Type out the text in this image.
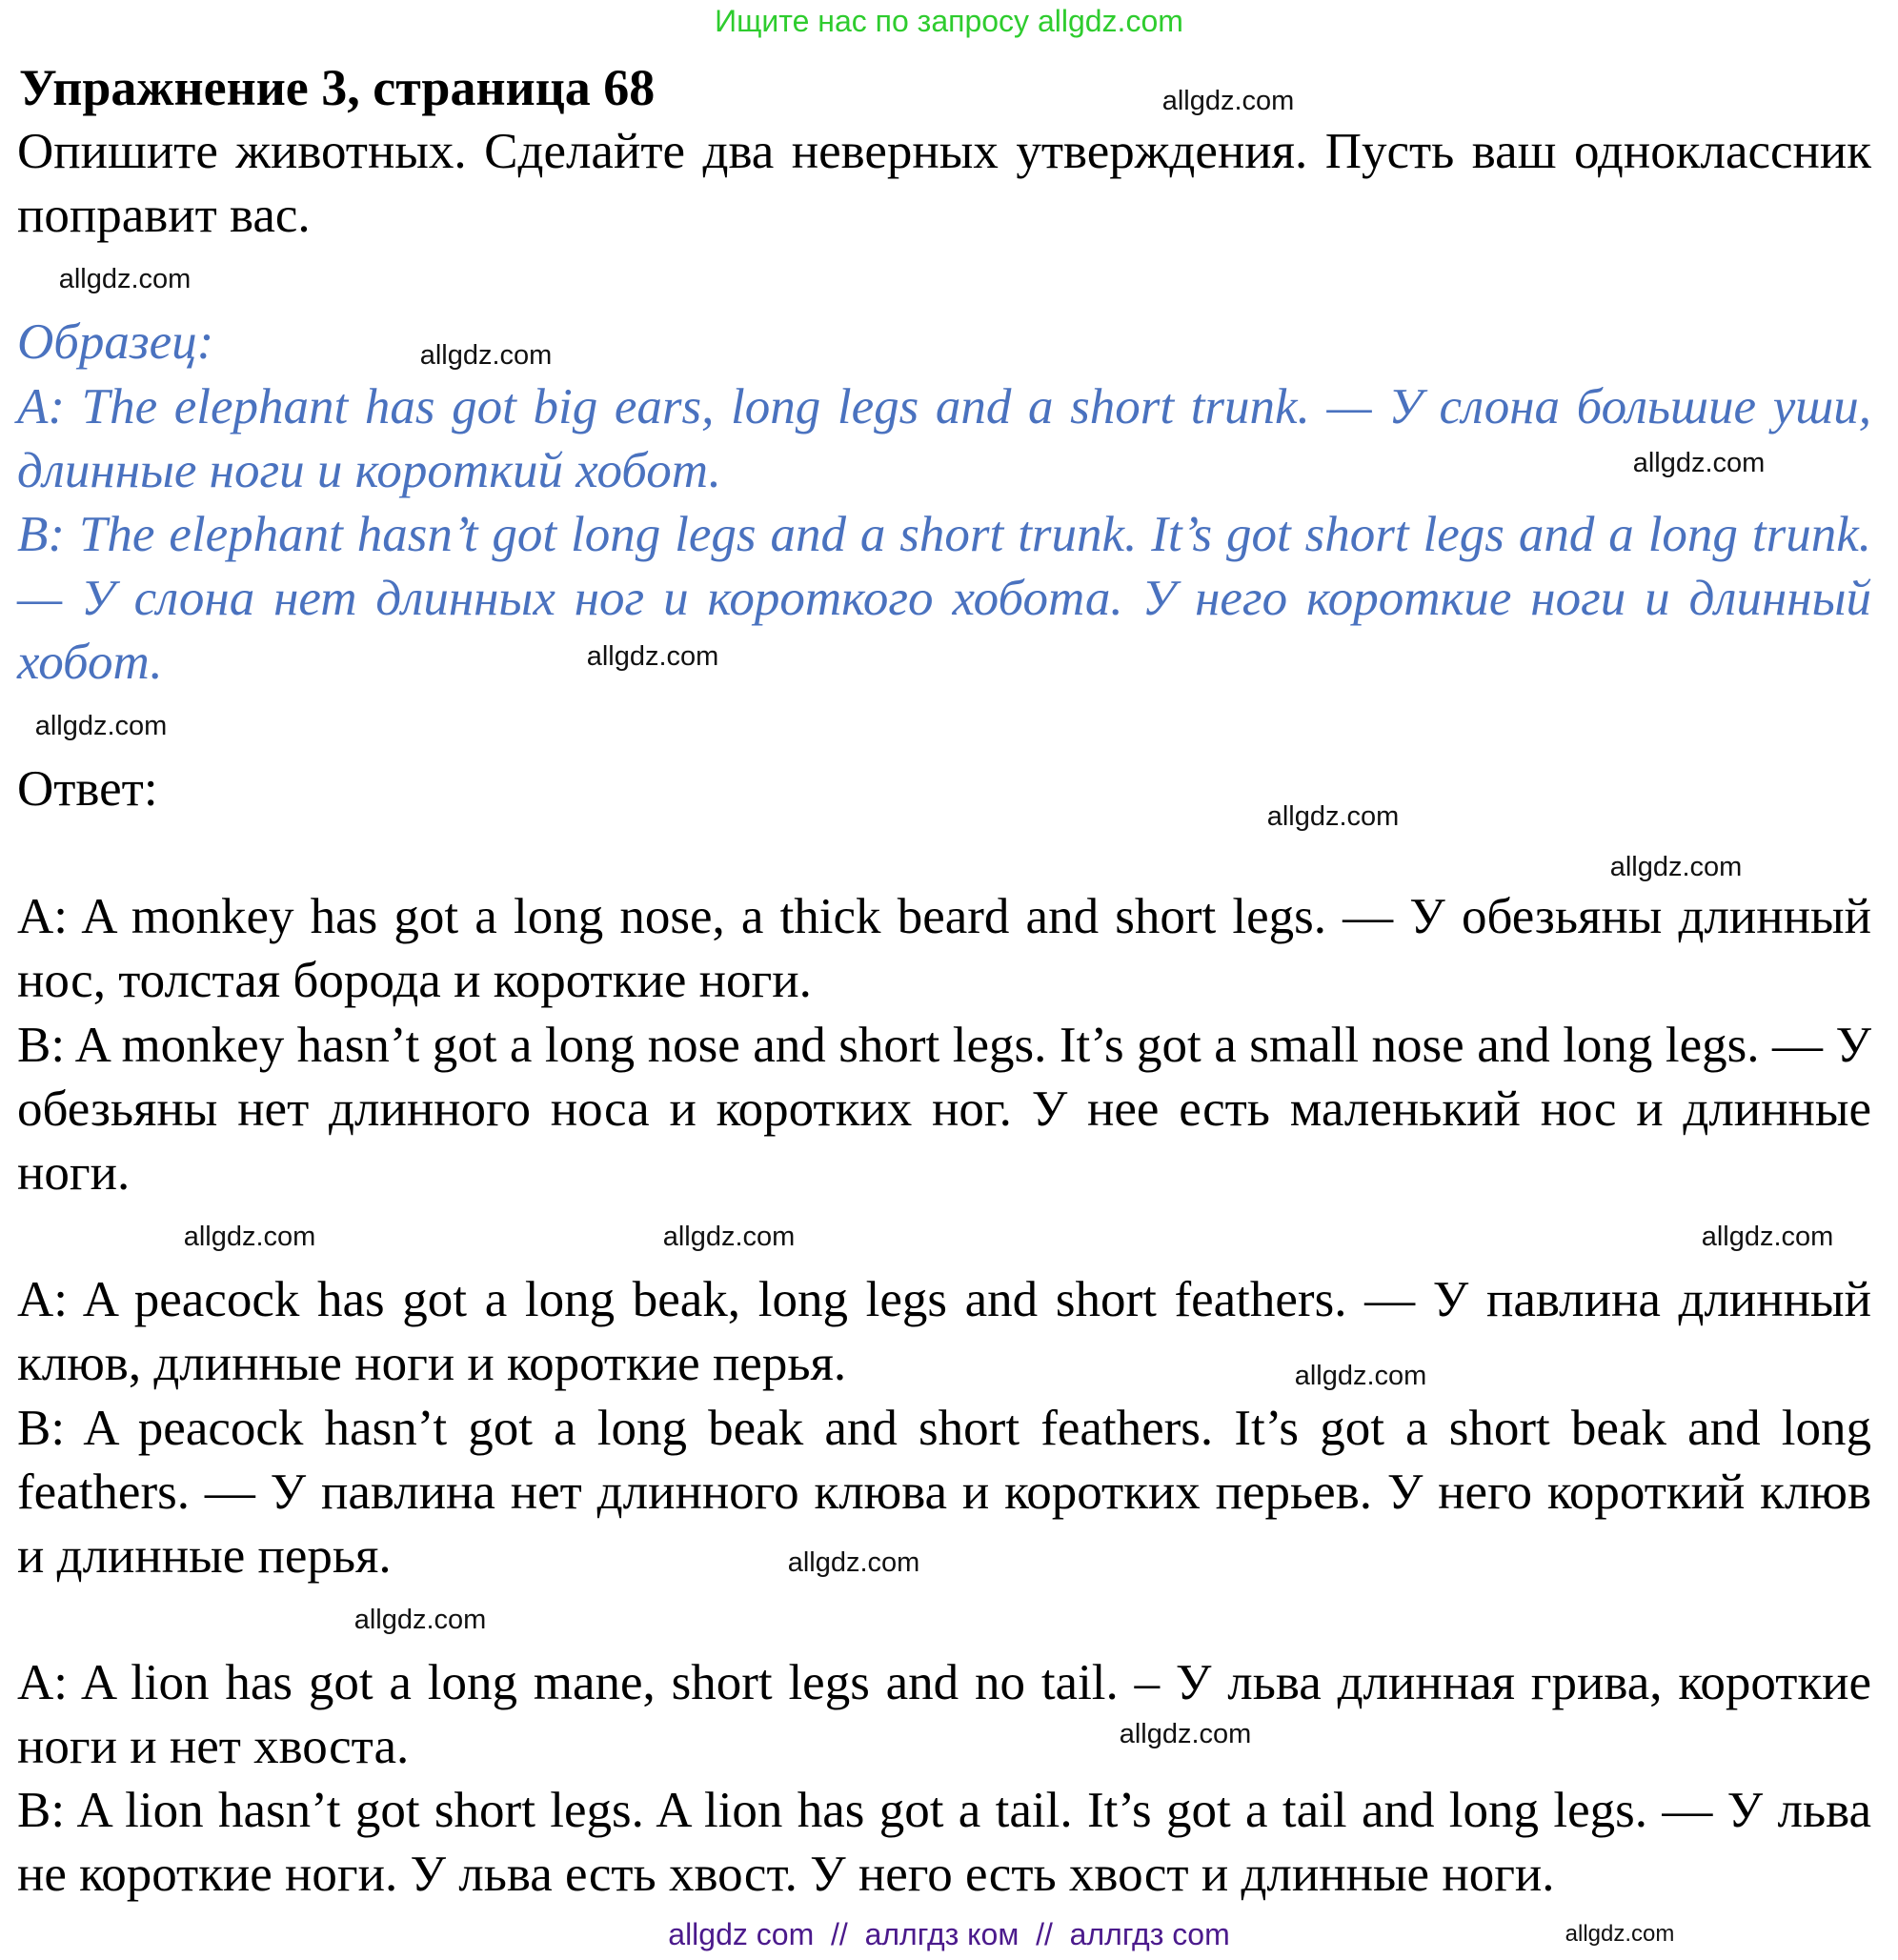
Ищите нас по запросу allgdz.com
Упражнение 3, страница 68
Опишите животных. Сделайте два неверных утверждения. Пусть ваш одноклассник поправит вас.
Образец:
A: The elephant has got big ears, long legs and a short trunk. — У слона большие уши, длинные ноги и короткий хобот.
B: The elephant hasn’t got long legs and a short trunk. It’s got short legs and a long trunk. — У слона нет длинных ног и короткого хобота. У него короткие ноги и длинный хобот.
Ответ:
A: A monkey has got a long nose, a thick beard and short legs. — У обезьяны длинный нос, толстая борода и короткие ноги.
B: A monkey hasn’t got a long nose and short legs. It’s got a small nose and long legs. — У обезьяны нет длинного носа и коротких ног. У нее есть маленький нос и длинные ноги.
A: A peacock has got a long beak, long legs and short feathers. — У павлина длинный клюв, длинные ноги и короткие перья.
B: A peacock hasn’t got a long beak and short feathers. It’s got a short beak and long feathers. — У павлина нет длинного клюва и коротких перьев. У него короткий клюв и длинные перья.
A: A lion has got a long mane, short legs and no tail. – У льва длинная грива, короткие ноги и нет хвоста.
B: A lion hasn’t got short legs. A lion has got a tail. It’s got a tail and long legs. — У льва не короткие ноги. У льва есть хвост. У него есть хвост и длинные ноги.
allgdz.com
allgdz.com
allgdz.com
allgdz.com
allgdz.com
allgdz.com
allgdz.com
allgdz.com
allgdz.com
allgdz.com	allgdz.com
allgdz.com
allgdz.com
allgdz.com
allgdz.com
allgdz.com
allgdz com  //  аллгдз ком  //  аллгдз com
